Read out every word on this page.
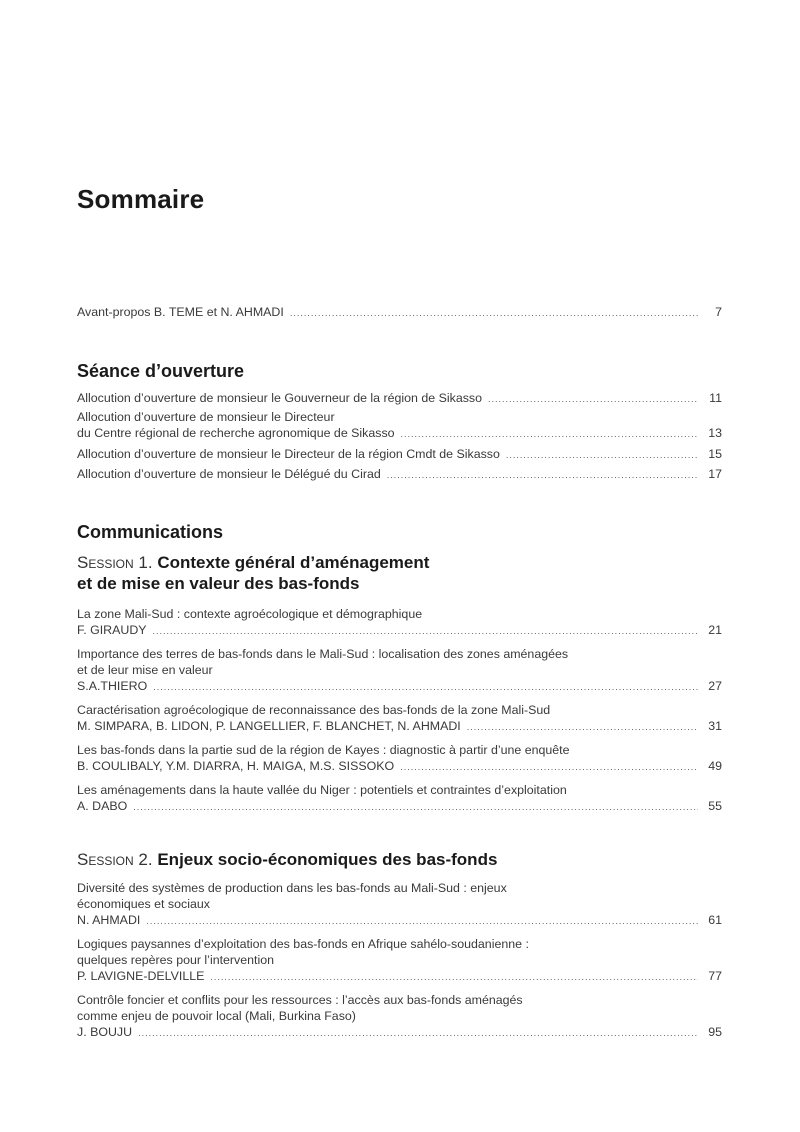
Sommaire
Avant-propos B. TEME et N. AHMADI .....	7
Séance d’ouverture
Allocution d’ouverture de monsieur le Gouverneur de la région de Sikasso .....	11
Allocution d’ouverture de monsieur le Directeur
du Centre régional de recherche agronomique de Sikasso .....	13
Allocution d’ouverture de monsieur le Directeur de la région Cmdt de Sikasso .....	15
Allocution d’ouverture de monsieur le Délégué du Cirad .....	17
Communications

Session 1. Contexte général d’aménagement

et de mise en valeur des bas-fonds

La zone Mali-Sud : contexte agroécologique et démographique
F. GIRAUDY .....	21
Importance des terres de bas-fonds dans le Mali-Sud : localisation des zones aménagées
et de leur mise en valeur
S.A.THIERO .....	27
Caractérisation agroécologique de reconnaissance des bas-fonds de la zone Mali-Sud
M. SIMPARA, B. LIDON, P. LANGELLIER, F. BLANCHET, N. AHMADI .....	31
Les bas-fonds dans la partie sud de la région de Kayes : diagnostic à partir d’une enquête
B. COULIBALY, Y.M. DIARRA, H. MAIGA, M.S. SISSOKO .....	49
Les aménagements dans la haute vallée du Niger : potentiels et contraintes d’exploitation
A. DABO .....	55

Session 2. Enjeux socio-économiques des bas-fonds

Diversité des systèmes de production dans les bas-fonds au Mali-Sud : enjeux
économiques et sociaux
N. AHMADI .....	61
Logiques paysannes d’exploitation des bas-fonds en Afrique sahélo-soudanienne :
quelques repères pour l’intervention
P. LAVIGNE-DELVILLE .....	77
Contrôle foncier et conflits pour les ressources : l’accès aux bas-fonds aménagés
comme enjeu de pouvoir local (Mali, Burkina Faso)
J. BOUJU .....	95
